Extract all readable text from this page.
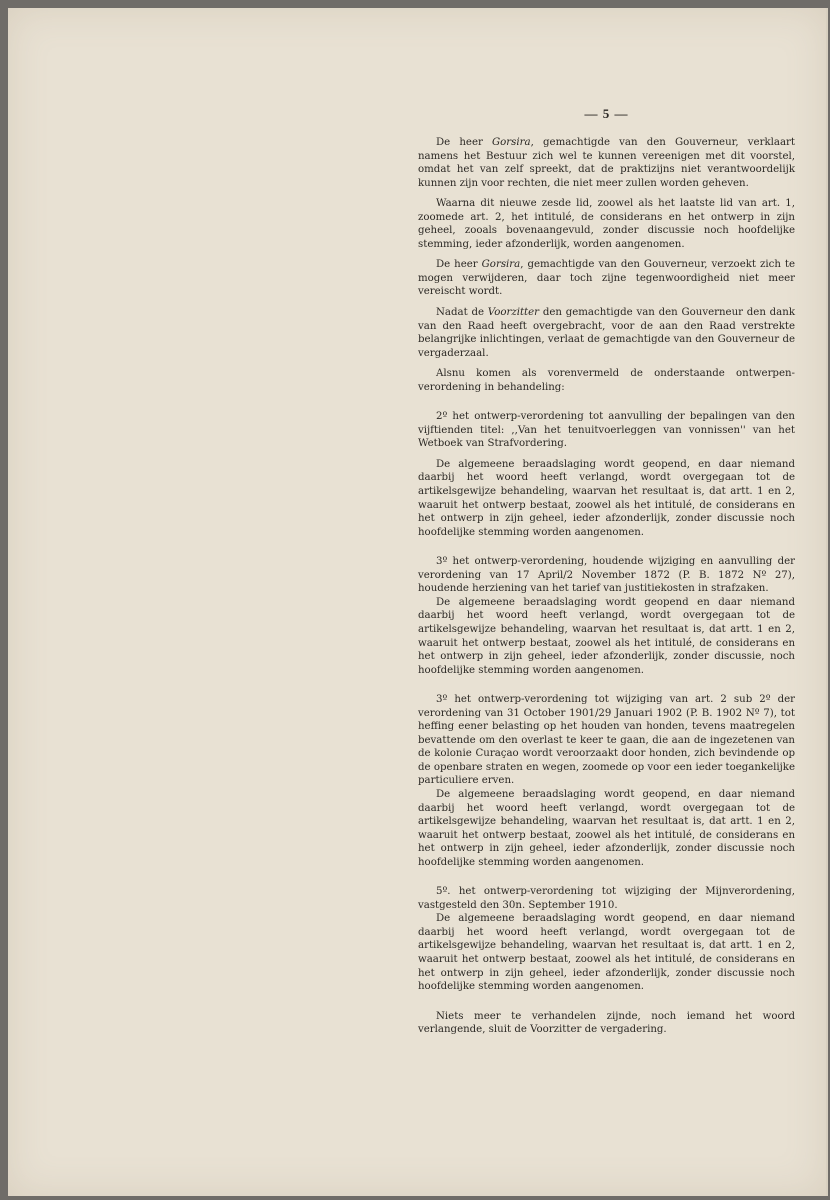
— 5 —

De heer Gorsira, gemachtigde van den Gouverneur, verklaart namens het Bestuur zich wel te kunnen vereenigen met dit voorstel, omdat het van zelf spreekt, dat de praktizijns niet verantwoordelijk kunnen zijn voor rechten, die niet meer zullen worden geheven.

Waarna dit nieuwe zesde lid, zoowel als het laatste lid van art. 1, zoomede art. 2, het intitulé, de considerans en het ontwerp in zijn geheel, zooals bovenaangevuld, zonder discussie noch hoofdelijke stemming, ieder afzonderlijk, worden aangenomen.

De heer Gorsira, gemachtigde van den Gouverneur, verzoekt zich te mogen verwijderen, daar toch zijne tegenwoordigheid niet meer vereischt wordt.

Nadat de Voorzitter den gemachtigde van den Gouverneur den dank van den Raad heeft overgebracht, voor de aan den Raad verstrekte belangrijke inlichtingen, verlaat de gemachtigde van den Gouverneur de vergaderzaal.

Alsnu komen als vorenvermeld de onderstaande ontwerpen-verordening in behandeling:

2º het ontwerp-verordening tot aanvulling der bepalingen van den vijftienden titel: ,,Van het tenuitvoerleggen van vonnissen'' van het Wetboek van Strafvordering.

De algemeene beraadslaging wordt geopend, en daar niemand daarbij het woord heeft verlangd, wordt overgegaan tot de artikelsgewijze behandeling, waarvan het resultaat is, dat artt. 1 en 2, waaruit het ontwerp bestaat, zoowel als het intitulé, de considerans en het ontwerp in zijn geheel, ieder afzonderlijk, zonder discussie noch hoofdelijke stemming worden aangenomen.

3º het ontwerp-verordening, houdende wijziging en aanvulling der verordening van 17 April/2 November 1872 (P. B. 1872 Nº 27), houdende herziening van het tarief van justitiekosten in strafzaken.

De algemeene beraadslaging wordt geopend en daar niemand daarbij het woord heeft verlangd, wordt overgegaan tot de artikelsgewijze behandeling, waarvan het resultaat is, dat artt. 1 en 2, waaruit het ontwerp bestaat, zoowel als het intitulé, de considerans en het ontwerp in zijn geheel, ieder afzonderlijk, zonder discussie, noch hoofdelijke stemming worden aangenomen.

3º het ontwerp-verordening tot wijziging van art. 2 sub 2º der verordening van 31 October 1901/29 Januari 1902 (P. B. 1902 Nº 7), tot heffing eener belasting op het houden van honden, tevens maatregelen bevattende om den overlast te keer te gaan, die aan de ingezetenen van de kolonie Curaçao wordt veroorzaakt door honden, zich bevindende op de openbare straten en wegen, zoomede op voor een ieder toegankelijke particuliere erven.

De algemeene beraadslaging wordt geopend, en daar niemand daarbij het woord heeft verlangd, wordt overgegaan tot de artikelsgewijze behandeling, waarvan het resultaat is, dat artt. 1 en 2, waaruit het ontwerp bestaat, zoowel als het intitulé, de considerans en het ontwerp in zijn geheel, ieder afzonderlijk, zonder discussie noch hoofdelijke stemming worden aangenomen.

5º. het ontwerp-verordening tot wijziging der Mijnverordening, vastgesteld den 30n. September 1910.

De algemeene beraadslaging wordt geopend, en daar niemand daarbij het woord heeft verlangd, wordt overgegaan tot de artikelsgewijze behandeling, waarvan het resultaat is, dat artt. 1 en 2, waaruit het ontwerp bestaat, zoowel als het intitulé, de considerans en het ontwerp in zijn geheel, ieder afzonderlijk, zonder discussie noch hoofdelijke stemming worden aangenomen.

Niets meer te verhandelen zijnde, noch iemand het woord verlangende, sluit de Voorzitter de vergadering.
